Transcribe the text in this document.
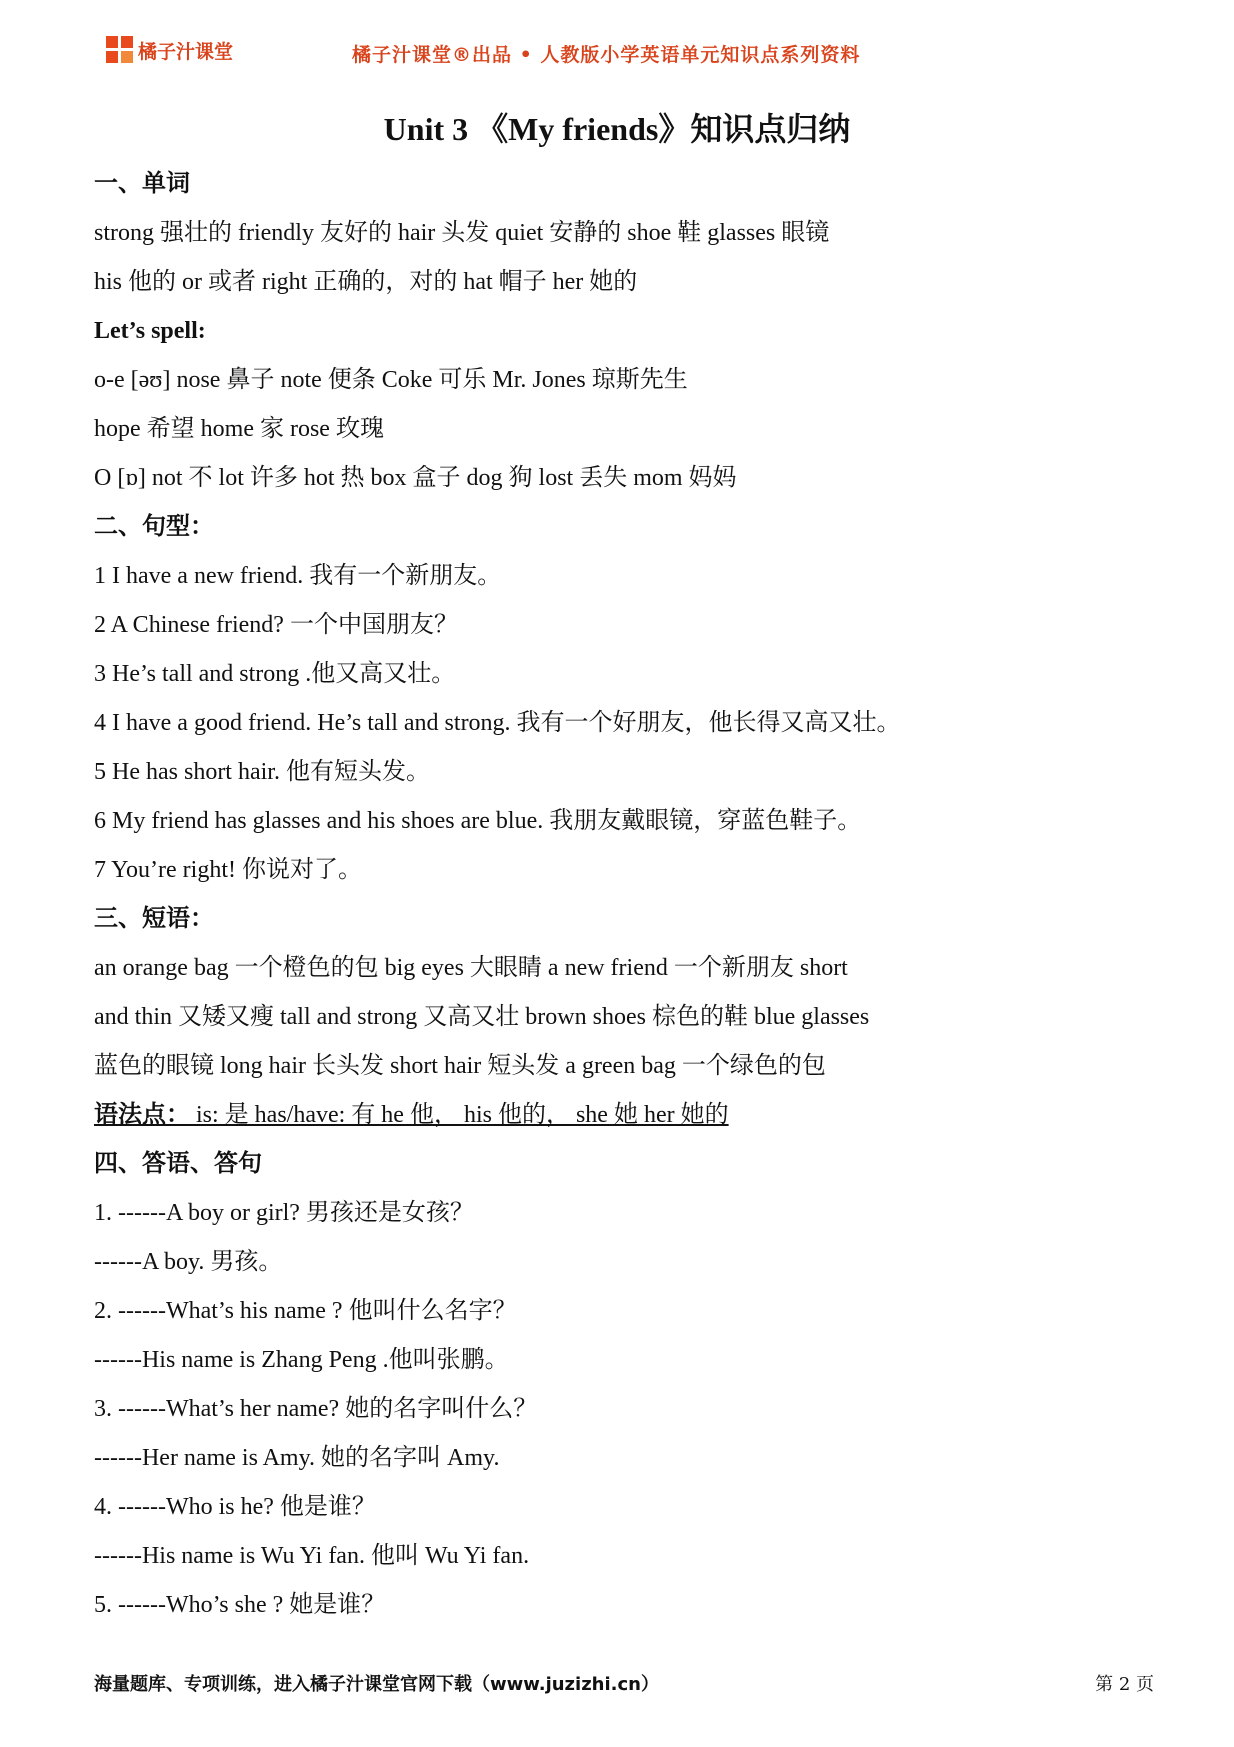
橘子汁课堂	橘子汁课堂®出品 • 人教版小学英语单元知识点系列资料
Unit 3 《My friends》知识点归纳
一、单词
strong 强壮的 friendly 友好的 hair 头发 quiet 安静的 shoe 鞋 glasses 眼镜
his 他的 or 或者 right 正确的，对的 hat 帽子 her 她的
Let’s spell:
o-e [əʊ] nose 鼻子 note 便条 Coke 可乐 Mr. Jones 琼斯先生
hope 希望 home 家 rose 玫瑰
O [ɒ] not 不 lot 许多 hot 热 box 盒子 dog 狗 lost 丢失 mom 妈妈
二、句型：
1 I have a new friend. 我有一个新朋友。
2 A Chinese friend? 一个中国朋友？
3 He’s tall and strong .他又高又壮。
4 I have a good friend. He’s tall and strong. 我有一个好朋友，他长得又高又壮。
5 He has short hair. 他有短头发。
6 My friend has glasses and his shoes are blue. 我朋友戴眼镜，穿蓝色鞋子。
7 You’re right! 你说对了。
三、短语：
an orange bag 一个橙色的包 big eyes 大眼睛 a new friend 一个新朋友 short
and thin 又矮又瘦 tall and strong 又高又壮 brown shoes 棕色的鞋 blue glasses
蓝色的眼镜 long hair 长头发 short hair 短头发 a green bag 一个绿色的包
语法点： is: 是 has/have: 有 he 他， his 他的， she 她 her 她的
四、答语、答句
1. ------A boy or girl? 男孩还是女孩？
------A boy. 男孩。
2. ------What’s his name ? 他叫什么名字？
------His name is Zhang Peng .他叫张鹏。
3. ------What’s her name? 她的名字叫什么？
------Her name is Amy. 她的名字叫 Amy.
4. ------Who is he? 他是谁？
------His name is Wu Yi fan. 他叫 Wu Yi fan.
5. ------Who’s she ? 她是谁？
海量题库、专项训练，进入橘子汁课堂官网下载（www.juzizhi.cn）	第 2 页
